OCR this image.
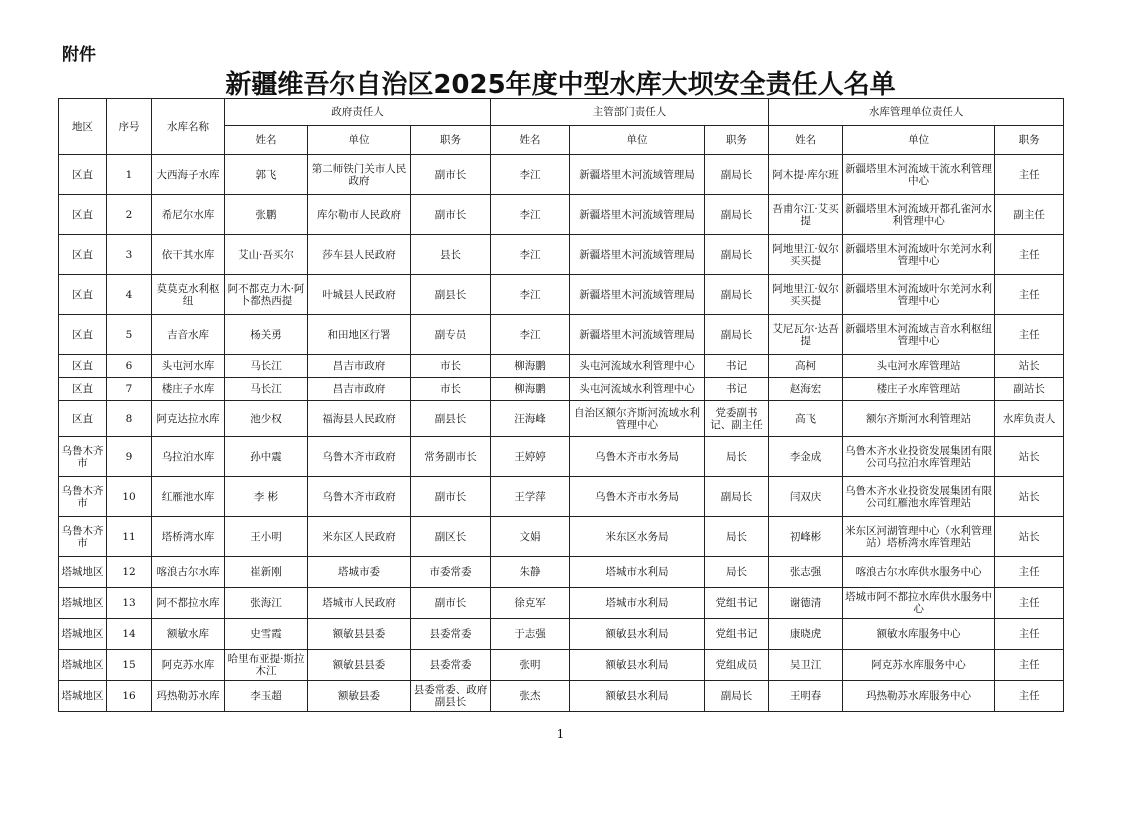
附件
新疆维吾尔自治区2025年度中型水库大坝安全责任人名单
地区	序号	水库名称	政府责任人			主管部门责任人			水库管理单位责任人		
			姓名	单位	职务	姓名	单位	职务	姓名	单位	职务
区直	1	大西海子水库	郭飞	第二师铁门关市人民政府	副市长	李江	新疆塔里木河流域管理局	副局长	阿木提·库尔班	新疆塔里木河流域干流水利管理中心	主任
区直	2	希尼尔水库	张鹏	库尔勒市人民政府	副市长	李江	新疆塔里木河流域管理局	副局长	吾甫尔江·艾买提	新疆塔里木河流域开都孔雀河水利管理中心	副主任
区直	3	依干其水库	艾山·吾买尔	莎车县人民政府	县长	李江	新疆塔里木河流域管理局	副局长	阿地里江·奴尔买买提	新疆塔里木河流域叶尔羌河水利管理中心	主任
区直	4	莫莫克水利枢纽	阿不都克力木·阿卜都热西提	叶城县人民政府	副县长	李江	新疆塔里木河流域管理局	副局长	阿地里江·奴尔买买提	新疆塔里木河流域叶尔羌河水利管理中心	主任
区直	5	吉音水库	杨关勇	和田地区行署	副专员	李江	新疆塔里木河流域管理局	副局长	艾尼瓦尔·达吾提	新疆塔里木河流域吉音水利枢纽管理中心	主任
区直	6	头屯河水库	马长江	昌吉市政府	市长	柳海鹏	头屯河流域水利管理中心	书记	高柯	头屯河水库管理站	站长
区直	7	楼庄子水库	马长江	昌吉市政府	市长	柳海鹏	头屯河流域水利管理中心	书记	赵海宏	楼庄子水库管理站	副站长
区直	8	阿克达拉水库	池少权	福海县人民政府	副县长	汪海峰	自治区额尔齐斯河流域水利管理中心	党委副书记、副主任	高飞	额尔齐斯河水利管理站	水库负责人
乌鲁木齐市	9	乌拉泊水库	孙中震	乌鲁木齐市政府	常务副市长	王婷婷	乌鲁木齐市水务局	局长	李金成	乌鲁木齐水业投资发展集团有限公司乌拉泊水库管理站	站长
乌鲁木齐市	10	红雁池水库	李 彬	乌鲁木齐市政府	副市长	王学萍	乌鲁木齐市水务局	副局长	闫双庆	乌鲁木齐水业投资发展集团有限公司红雁池水库管理站	站长
乌鲁木齐市	11	塔桥湾水库	王小明	米东区人民政府	副区长	文娟	米东区水务局	局长	初峰彬	米东区河湖管理中心（水利管理站）塔桥湾水库管理站	站长
塔城地区	12	喀浪古尔水库	崔新刚	塔城市委	市委常委	朱静	塔城市水利局	局长	张志强	喀浪古尔水库供水服务中心	主任
塔城地区	13	阿不都拉水库	张海江	塔城市人民政府	副市长	徐克军	塔城市水利局	党组书记	谢德清	塔城市阿不都拉水库供水服务中心	主任
塔城地区	14	额敏水库	史雪霞	额敏县县委	县委常委	于志强	额敏县水利局	党组书记	康晓虎	额敏水库服务中心	主任
塔城地区	15	阿克苏水库	哈里布亚提·斯拉木江	额敏县县委	县委常委	张明	额敏县水利局	党组成员	吴卫江	阿克苏水库服务中心	主任
塔城地区	16	玛热勒苏水库	李玉超	额敏县委	县委常委、政府副县长	张杰	额敏县水利局	副局长	王明春	玛热勒苏水库服务中心	主任
1
